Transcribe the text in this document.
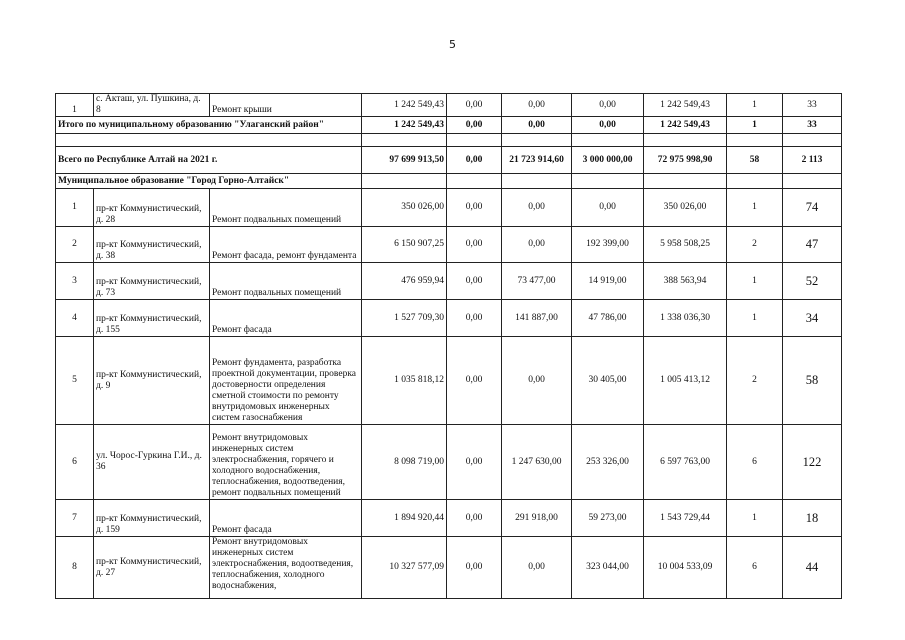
5
1	с. Акташ, ул. Пушкина, д. 8	Ремонт крыши	1 242 549,43	0,00	0,00	0,00	1 242 549,43	1	33
Итого по муниципальному образованию "Улаганский район"			1 242 549,43	0,00	0,00	0,00	1 242 549,43	1	33

Всего по Республике Алтай на 2021 г.			97 699 913,50	0,00	21 723 914,60	3 000 000,00	72 975 998,90	58	2 113
Муниципальное образование "Город Горно-Алтайск"									
1	пр-кт Коммунистический, д. 28	Ремонт подвальных помещений	350 026,00	0,00	0,00	0,00	350 026,00	1	74
2	пр-кт Коммунистический, д. 38	Ремонт фасада, ремонт фундамента	6 150 907,25	0,00	0,00	192 399,00	5 958 508,25	2	47
3	пр-кт Коммунистический, д. 73	Ремонт подвальных помещений	476 959,94	0,00	73 477,00	14 919,00	388 563,94	1	52
4	пр-кт Коммунистический, д. 155	Ремонт фасада	1 527 709,30	0,00	141 887,00	47 786,00	1 338 036,30	1	34
5	пр-кт Коммунистический, д. 9	Ремонт фундамента, разработка проектной документации, проверка достоверности определения сметной стоимости по ремонту внутридомовых инженерных систем газоснабжения	1 035 818,12	0,00	0,00	30 405,00	1 005 413,12	2	58
6	ул. Чорос-Гуркина Г.И., д. 36	Ремонт внутридомовых инженерных систем электроснабжения, горячего и холодного водоснабжения, теплоснабжения, водоотведения, ремонт подвальных помещений	8 098 719,00	0,00	1 247 630,00	253 326,00	6 597 763,00	6	122
7	пр-кт Коммунистический, д. 159	Ремонт фасада	1 894 920,44	0,00	291 918,00	59 273,00	1 543 729,44	1	18
8	пр-кт Коммунистический, д. 27	Ремонт внутридомовых инженерных систем электроснабжения, водоотведения, теплоснабжения, холодного водоснабжения,	10 327 577,09	0,00	0,00	323 044,00	10 004 533,09	6	44
